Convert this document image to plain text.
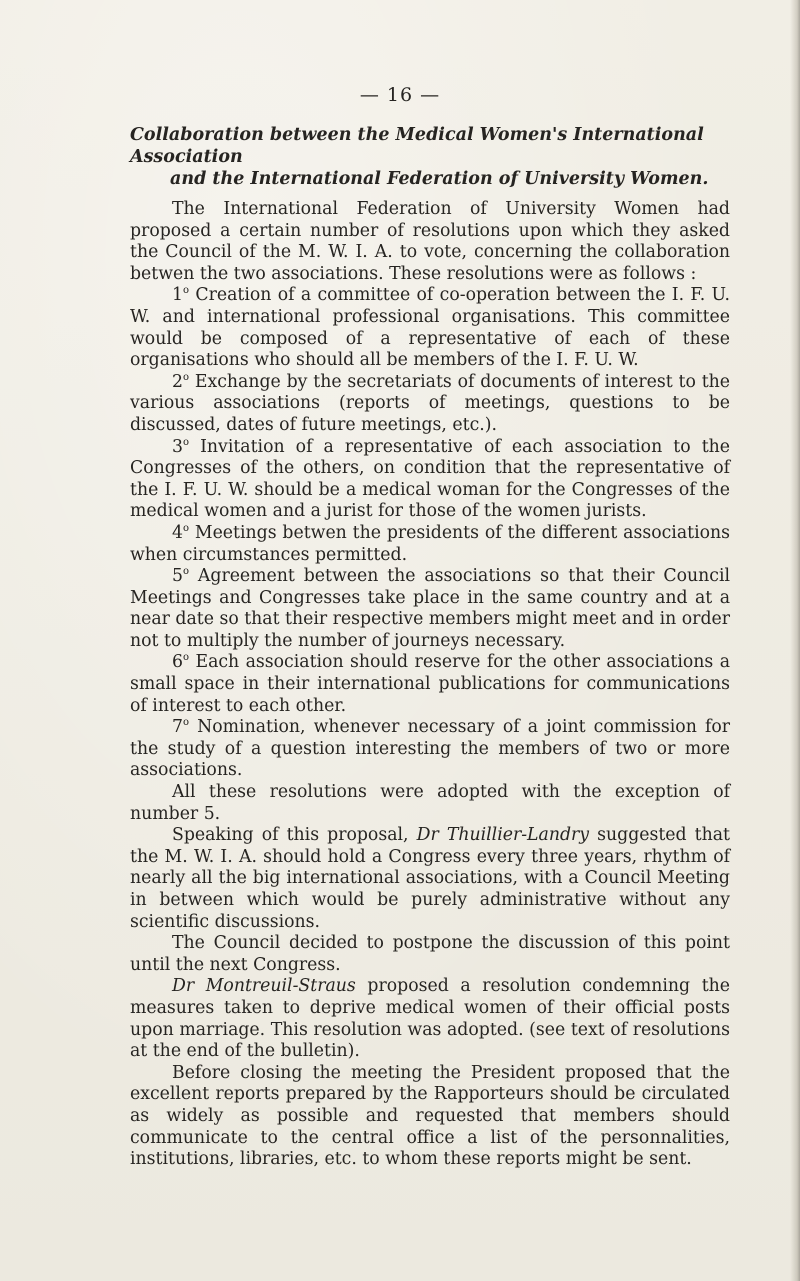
— 16 —
Collaboration between the Medical Women's International Association
and the International Federation of University Women.

The International Federation of University Women had proposed a certain number of resolutions upon which they asked the Council of the M. W. I. A. to vote, concerning the collaboration betwen the two associations. These resolutions were as follows :

1$^o$ Creation of a committee of co-operation between the I. F. U. W. and international professional organisations. This committee would be composed of a representative of each of these organisations who should all be members of the I. F. U. W.

2$^o$ Exchange by the secretariats of documents of interest to the various associations (reports of meetings, questions to be discussed, dates of future meetings, etc.).

3$^o$ Invitation of a representative of each association to the Congresses of the others, on condition that the representative of the I. F. U. W. should be a medical woman for the Congresses of the medical women and a jurist for those of the women jurists.

4$^o$ Meetings betwen the presidents of the different associations when circumstances permitted.

5$^o$ Agreement between the associations so that their Council Meetings and Congresses take place in the same country and at a near date so that their respective members might meet and in order not to multiply the number of journeys necessary.

6$^o$ Each association should reserve for the other associations a small space in their international publications for communications of interest to each other.

7$^o$ Nomination, whenever necessary of a joint commission for the study of a question interesting the members of two or more associations.

All these resolutions were adopted with the exception of number 5.

Speaking of this proposal, Dr Thuillier-Landry suggested that the M. W. I. A. should hold a Congress every three years, rhythm of nearly all the big international associations, with a Council Meeting in between which would be purely administrative without any scientific discussions.

The Council decided to postpone the discussion of this point until the next Congress.

Dr Montreuil-Straus proposed a resolution condemning the measures taken to deprive medical women of their official posts upon marriage. This resolution was adopted. (see text of resolutions at the end of the bulletin).

Before closing the meeting the President proposed that the excellent reports prepared by the Rapporteurs should be circulated as widely as possible and requested that members should communicate to the central office a list of the personnalities, institutions, libraries, etc. to whom these reports might be sent.
